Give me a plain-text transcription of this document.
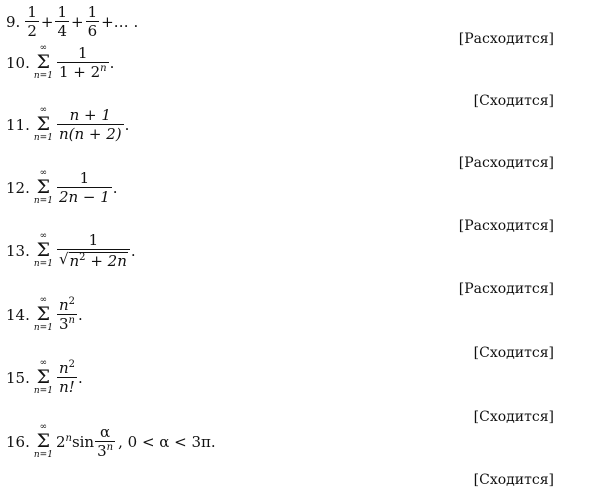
9. $\frac{1}{2} + \frac{1}{4} + \frac{1}{6}$ +… .
[Расходится]
10.
∞
Σ
$n=1 \frac{1}{1 + 2^n}$ .
[Сходится]
11.
∞
Σ
$n=1 \frac{n + 1}{n(n + 2)}$ .
[Расходится]
12.
∞
Σ
$n=1 \frac{1}{2n - 1}$ .
[Расходится]
13.
∞
Σ
$n=1 \frac{1}{√ n^2 + 2n}$ .
[Расходится]
14.
∞
Σ
$n=1 \frac{n^2}{3^n}$ .
[Сходится]
15.
∞
Σ
$n=1 \frac{n^2}{n!}$ .
[Сходится]
16.
∞
Σ
n=1
2$^n$ $\sin \frac{\alpha}{3^n}$ , 0 < α < 3π.
[Сходится]
